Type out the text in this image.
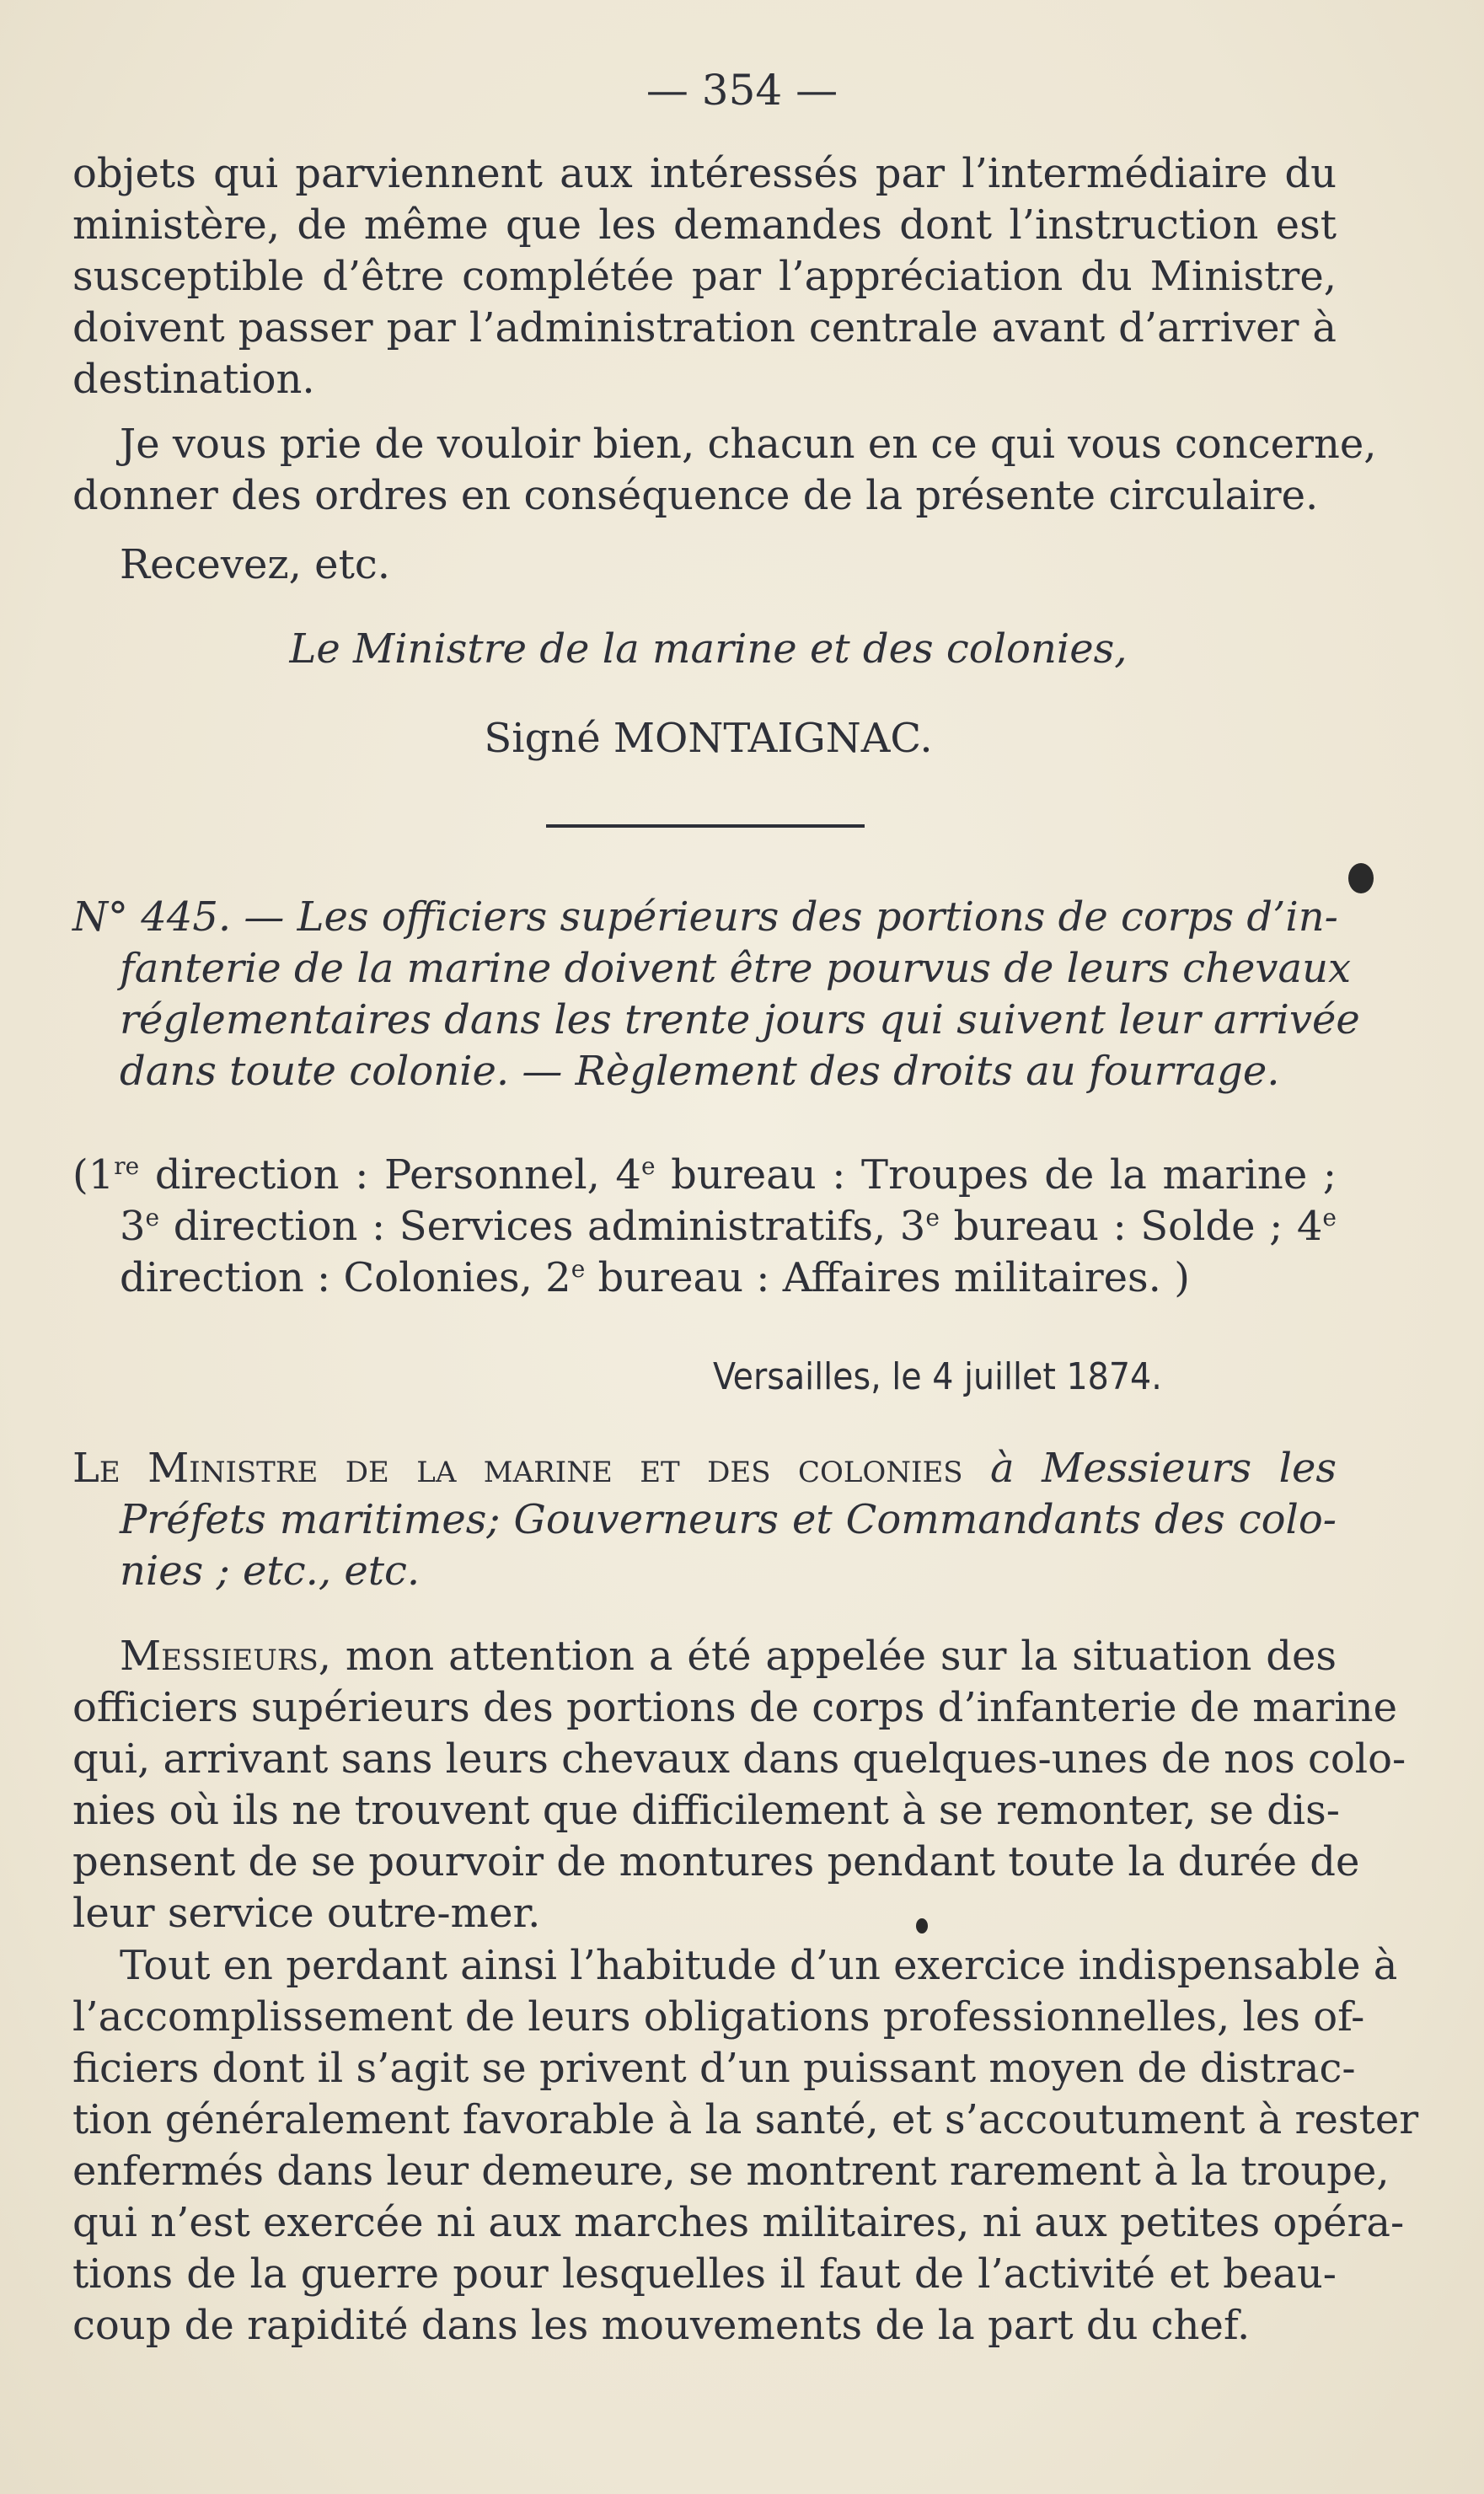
— 354 —
objets qui parviennent aux intéressés par l’intermédiaire du
ministère, de même que les demandes dont l’instruction est
susceptible d’être complétée par l’appréciation du Ministre,
doivent passer par l’administration centrale avant d’arriver à
destination.
Je vous prie de vouloir bien, chacun en ce qui vous concerne,
donner des ordres en conséquence de la présente circulaire.
Recevez, etc.
Le Ministre de la marine et des colonies,
Signé MONTAIGNAC.
N° 445. — Les officiers supérieurs des portions de corps d’in-
fanterie de la marine doivent être pourvus de leurs chevaux
réglementaires dans les trente jours qui suivent leur arrivée
dans toute colonie. — Règlement des droits au fourrage.
(1re direction : Personnel, 4e bureau : Troupes de la marine ;
3e direction : Services administratifs, 3e bureau : Solde ; 4e
direction : Colonies, 2e bureau : Affaires militaires. )
Versailles, le 4 juillet 1874.
Le Ministre de la marine et des colonies à Messieurs les
Préfets maritimes; Gouverneurs et Commandants des colo-
nies ; etc., etc.
Messieurs, mon attention a été appelée sur la situation des
officiers supérieurs des portions de corps d’infanterie de marine
qui, arrivant sans leurs chevaux dans quelques-unes de nos colo-
nies où ils ne trouvent que difficilement à se remonter, se dis-
pensent de se pourvoir de montures pendant toute la durée de
leur service outre-mer.
Tout en perdant ainsi l’habitude d’un exercice indispensable à
l’accomplissement de leurs obligations professionnelles, les of-
ficiers dont il s’agit se privent d’un puissant moyen de distrac-
tion généralement favorable à la santé, et s’accoutument à rester
enfermés dans leur demeure, se montrent rarement à la troupe,
qui n’est exercée ni aux marches militaires, ni aux petites opéra-
tions de la guerre pour lesquelles il faut de l’activité et beau-
coup de rapidité dans les mouvements de la part du chef.
